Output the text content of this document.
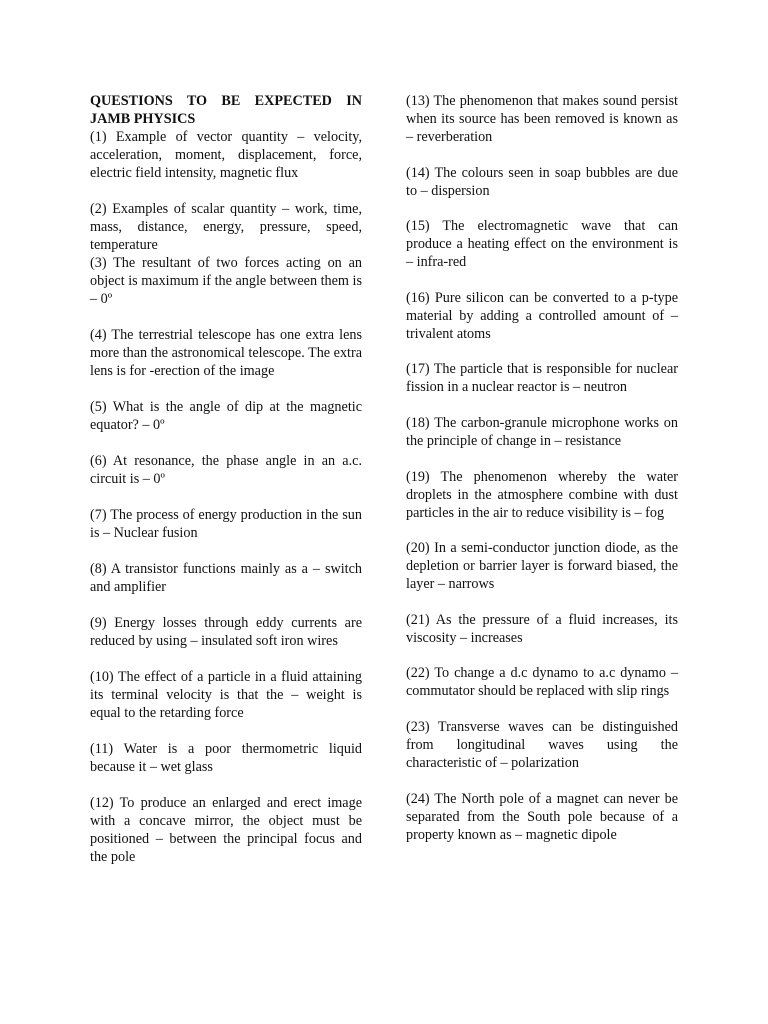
QUESTIONS TO BE EXPECTED IN JAMB PHYSICS

(1) Example of vector quantity – velocity, acceleration, moment, displacement, force, electric field intensity, magnetic flux

(2) Examples of scalar quantity – work, time, mass, distance, energy, pressure, speed, temperature

(3) The resultant of two forces acting on an object is maximum if the angle between them is – 0º

(4) The terrestrial telescope has one extra lens more than the astronomical telescope. The extra lens is for -erection of the image

(5) What is the angle of dip at the magnetic equator? – 0º

(6) At resonance, the phase angle in an a.c. circuit is – 0º

(7) The process of energy production in the sun is – Nuclear fusion

(8) A transistor functions mainly as a – switch and amplifier

(9) Energy losses through eddy currents are reduced by using – insulated soft iron wires

(10) The effect of a particle in a fluid attaining its terminal velocity is that the – weight is equal to the retarding force

(11) Water is a poor thermometric liquid because it – wet glass

(12) To produce an enlarged and erect image with a concave mirror, the object must be positioned – between the principal focus and the pole

(13) The phenomenon that makes sound persist when its source has been removed is known as – reverberation

(14) The colours seen in soap bubbles are due to – dispersion

(15) The electromagnetic wave that can produce a heating effect on the environment is – infra-red

(16) Pure silicon can be converted to a p-type material by adding a controlled amount of – trivalent atoms

(17) The particle that is responsible for nuclear fission in a nuclear reactor is – neutron

(18) The carbon-granule microphone works on the principle of change in – resistance

(19) The phenomenon whereby the water droplets in the atmosphere combine with dust particles in the air to reduce visibility is – fog

(20) In a semi-conductor junction diode, as the depletion or barrier layer is forward biased, the layer – narrows

(21) As the pressure of a fluid increases, its viscosity – increases

(22) To change a d.c dynamo to a.c dynamo – commutator should be replaced with slip rings

(23) Transverse waves can be distinguished from longitudinal waves using the characteristic of – polarization

(24) The North pole of a magnet can never be separated from the South pole because of a property known as – magnetic dipole
